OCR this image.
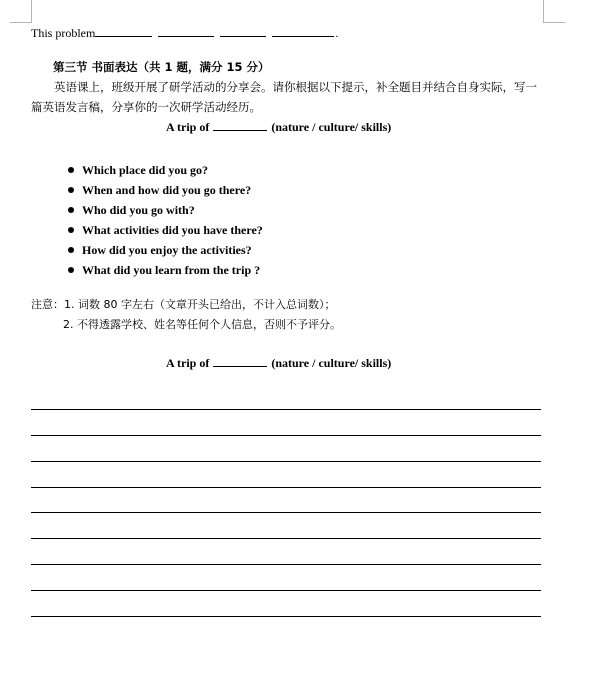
This problem	.
第三节 书面表达（共 1 题，满分 15 分）
英语课上，班级开展了研学活动的分享会。请你根据以下提示，补全题目并结合自身实际，写一
篇英语发言稿，分享你的一次研学活动经历。
A trip of	(nature / culture/ skills)
Which place did you go?
When and how did you go there?
Who did you go with?
What activities did you have there?
How did you enjoy the activities?
What did you learn from the trip ?
注意：1. 词数 80 字左右（文章开头已给出，不计入总词数）；
2. 不得透露学校、姓名等任何个人信息，否则不予评分。
A trip of	(nature / culture/ skills)
